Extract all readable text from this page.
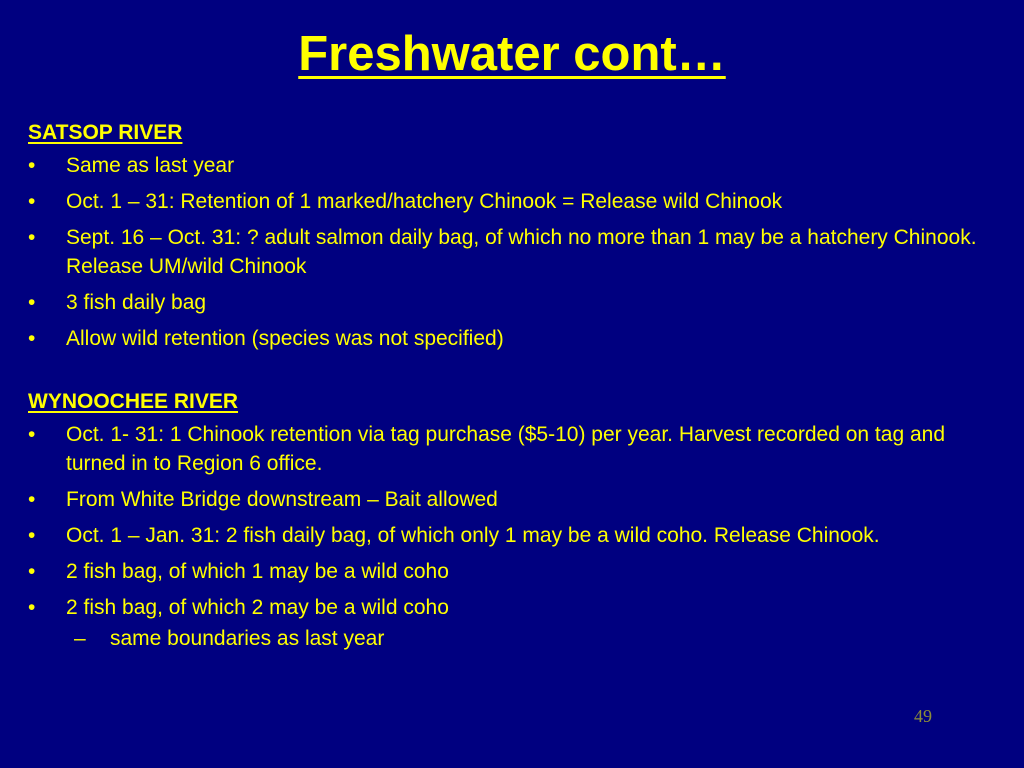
Freshwater cont…
SATSOP RIVER
• Same as last year
• Oct. 1 – 31: Retention of 1 marked/hatchery Chinook = Release wild Chinook
• Sept. 16 – Oct. 31: ? adult salmon daily bag, of which no more than 1 may be a hatchery Chinook. Release UM/wild Chinook
• 3 fish daily bag
• Allow wild retention (species was not specified)
WYNOOCHEE RIVER
• Oct. 1- 31: 1 Chinook retention via tag purchase ($5-10) per year. Harvest recorded on tag and turned in to Region 6 office.
• From White Bridge downstream – Bait allowed
• Oct. 1 – Jan. 31: 2 fish daily bag, of which only 1 may be a wild coho. Release Chinook.
• 2 fish bag, of which 1 may be a wild coho
• 2 fish bag, of which 2 may be a wild coho
– same boundaries as last year
49
